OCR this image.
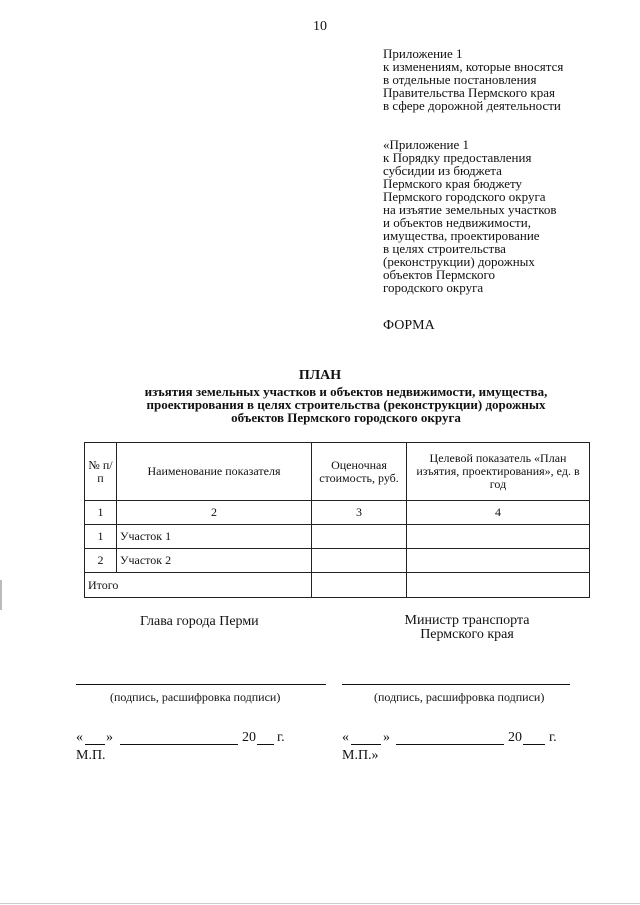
10
Приложение 1
к изменениям, которые вносятся
в отдельные постановления
Правительства Пермского края
в сфере дорожной деятельности
«Приложение 1
к Порядку предоставления
субсидии из бюджета
Пермского края бюджету
Пермского городского округа
на изъятие земельных участков
и объектов недвижимости,
имущества, проектирование
в целях строительства
(реконструкции) дорожных
объектов Пермского
городского округа
ФОРМА
ПЛАН
изъятия земельных участков и объектов недвижимости, имущества,
проектирования в целях строительства (реконструкции) дорожных
объектов Пермского городского округа
№ п/п	Наименование показателя	Оценочная стоимость, руб.	Целевой показатель «План изъятия, проектирования», ед. в год
1	2	3	4
1	Участок 1		
2	Участок 2		
Итого			
Глава города Перми	Министр транспорта
Пермского края
(подпись, расшифровка подписи)	(подпись, расшифровка подписи)
« »	20 г.
М.П.
« »	20 г.
М.П.»
